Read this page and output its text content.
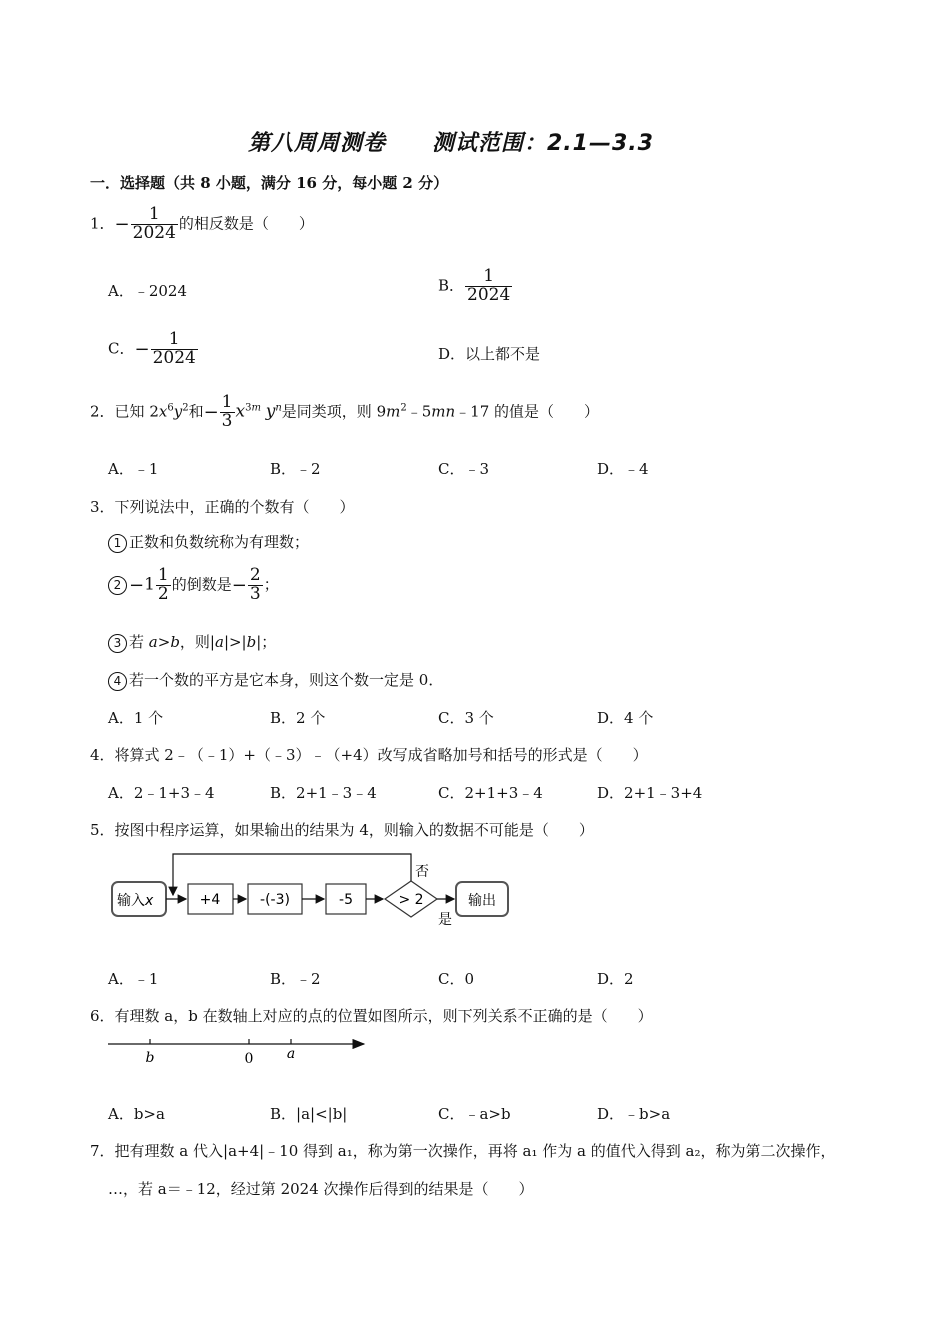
第八周周测卷　　测试范围：2.1—3.3
一．选择题（共 8 小题，满分 16 分，每小题 2 分）
1．− $\frac{1}{2024}$ 的相反数是（　　）
A．﹣2024	B． $\frac{1}{2024}$
C．− $\frac{1}{2024}$	D．以上都不是
2．已知 $2x^6y^2$和− $\frac{1}{3} x^{3m}$ $y^n$是同类项，则 $9m^2﹣5mn﹣17$ 的值是（　　）
A．﹣1	B．﹣2	C．﹣3	D．﹣4
3．下列说法中，正确的个数有（　　）
1 正数和负数统称为有理数；
$2 -1 \frac{1}{2}$ 的倒数是− $\frac{2}{3}$ ；
3 若 a>b，则|a|>|b|；
4 若一个数的平方是它本身，则这个数一定是 0．
A．1 个	B．2 个	C．3 个	D．4 个
4．将算式 2﹣（﹣1）+（﹣3）﹣（+4）改写成省略加号和括号的形式是（　　）
A．2﹣1+3﹣4	B．2+1﹣3﹣4	C．2+1+3﹣4	D．2+1﹣3+4
5．按图中程序运算，如果输出的结果为 4，则输入的数据不可能是（　　）
输入x	+4	-(-3)	-5	> 2	输出
否
是
A．﹣1	B．﹣2	C．0	D．2
6．有理数 a，b 在数轴上对应的点的位置如图所示，则下列关系不正确的是（　　）
b	0 a
A．b>a	B．|a|<|b|	C．﹣a>b	D．﹣b>a
7．把有理数 a 代入|a+4|﹣10 得到 a₁，称为第一次操作，再将 a₁ 作为 a 的值代入得到 a₂，称为第二次操作，
…，若 a＝﹣12，经过第 2024 次操作后得到的结果是（　　）
